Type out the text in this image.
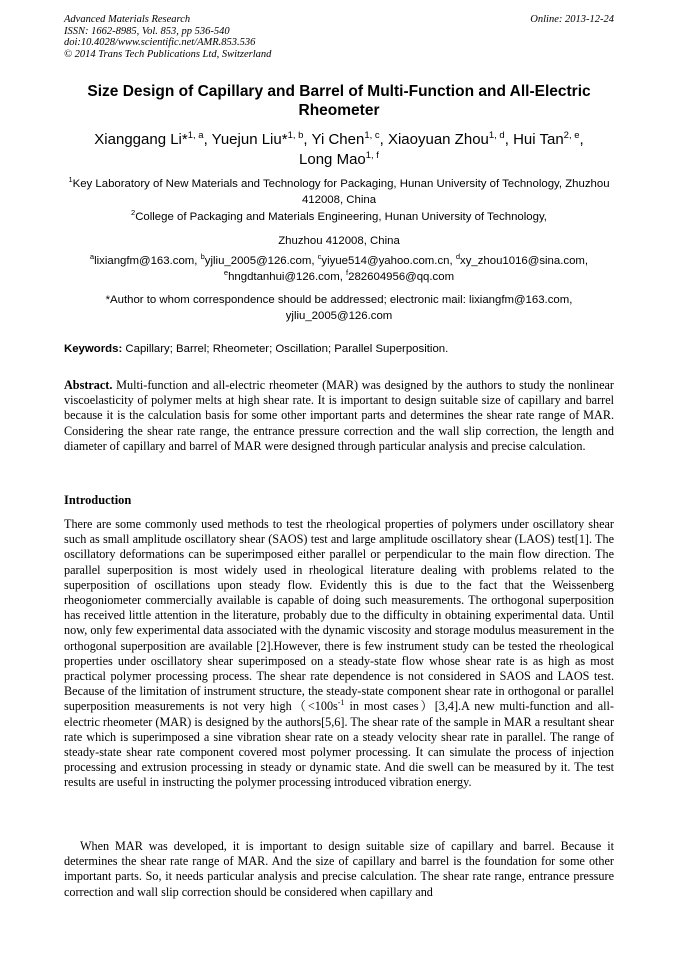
Advanced Materials Research
ISSN: 1662-8985, Vol. 853, pp 536-540
doi:10.4028/www.scientific.net/AMR.853.536
© 2014 Trans Tech Publications Ltd, Switzerland
Online: 2013-12-24
Size Design of Capillary and Barrel of Multi-Function and All-Electric Rheometer
Xianggang Li*$^{1, a}$, Yuejun Liu*$^{1, b}$, Yi Chen$^{1, c}$, Xiaoyuan Zhou$^{1, d}$, Hui Tan$^{2, e}$,
Long Mao$^{1, f}$
$^1$Key Laboratory of New Materials and Technology for Packaging, Hunan University of Technology, Zhuzhou 412008, China
$^2$College of Packaging and Materials Engineering, Hunan University of Technology,
Zhuzhou 412008, China
$^a$lixiangfm@163.com, $^b$yjliu_2005@126.com, $^c$yiyue514@yahoo.com.cn, $^d$xy_zhou1016@sina.com,
$^e$hngdtanhui@126.com, $^f$282604956@qq.com
*Author to whom correspondence should be addressed; electronic mail: lixiangfm@163.com, yjliu_2005@126.com
Keywords: Capillary; Barrel; Rheometer; Oscillation; Parallel Superposition.
Abstract. Multi-function and all-electric rheometer (MAR) was designed by the authors to study the nonlinear viscoelasticity of polymer melts at high shear rate. It is important to design suitable size of capillary and barrel because it is the calculation basis for some other important parts and determines the shear rate range of MAR. Considering the shear rate range, the entrance pressure correction and the wall slip correction, the length and diameter of capillary and barrel of MAR were designed through particular analysis and precise calculation.
Introduction
There are some commonly used methods to test the rheological properties of polymers under oscillatory shear such as small amplitude oscillatory shear (SAOS) test and large amplitude oscillatory shear (LAOS) test[1]. The oscillatory deformations can be superimposed either parallel or perpendicular to the main flow direction. The parallel superposition is most widely used in rheological literature dealing with problems related to the superposition of oscillations upon steady flow. Evidently this is due to the fact that the Weissenberg rheogoniometer commercially available is capable of doing such measurements. The orthogonal superposition has received little attention in the literature, probably due to the difficulty in obtaining experimental data. Until now, only few experimental data associated with the dynamic viscosity and storage modulus measurement in the orthogonal superposition are available [2].However, there is few instrument study can be tested the rheological properties under oscillatory shear superimposed on a steady-state flow whose shear rate is as high as most practical polymer processing process. The shear rate dependence is not considered in SAOS and LAOS test. Because of the limitation of instrument structure, the steady-state component shear rate in orthogonal or parallel superposition measurements is not very $high(<100s^{-1}$ in most cases）[3,4].A new multi-function and all-electric rheometer (MAR) is designed by the authors[5,6]. The shear rate of the sample in MAR a resultant shear rate which is superimposed a sine vibration shear rate on a steady velocity shear rate in parallel. The range of steady-state shear rate component covered most polymer processing. It can simulate the process of injection processing and extrusion processing in steady or dynamic state. And die swell can be measured by it. The test results are useful in instructing the polymer processing introduced vibration energy.
When MAR was developed, it is important to design suitable size of capillary and barrel. Because it determines the shear rate range of MAR. And the size of capillary and barrel is the foundation for some other important parts. So, it needs particular analysis and precise calculation. The shear rate range, entrance pressure correction and wall slip correction should be considered when capillary and
